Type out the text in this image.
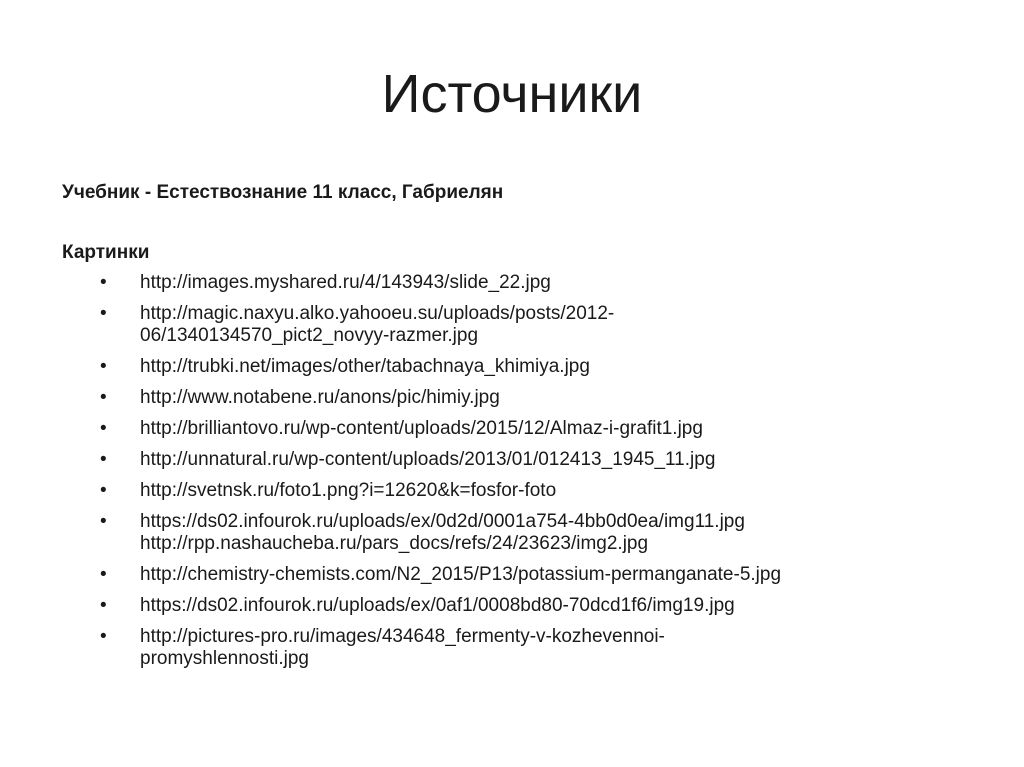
Источники

Учебник - Естествознание 11 класс, Габриелян

Картинки

• http://images.myshared.ru/4/143943/slide_22.jpg
• http://magic.naxyu.alko.yahooeu.su/uploads/posts/2012-
06/1340134570_pict2_novyy-razmer.jpg
• http://trubki.net/images/other/tabachnaya_khimiya.jpg
• http://www.notabene.ru/anons/pic/himiy.jpg
• http://brilliantovo.ru/wp-content/uploads/2015/12/Almaz-i-grafit1.jpg
• http://unnatural.ru/wp-content/uploads/2013/01/012413_1945_11.jpg
• http://svetnsk.ru/foto1.png?i=12620&k=fosfor-foto
• https://ds02.infourok.ru/uploads/ex/0d2d/0001a754-4bb0d0ea/img11.jpg
http://rpp.nashaucheba.ru/pars_docs/refs/24/23623/img2.jpg
• http://chemistry-chemists.com/N2_2015/P13/potassium-permanganate-5.jpg
• https://ds02.infourok.ru/uploads/ex/0af1/0008bd80-70dcd1f6/img19.jpg
• http://pictures-pro.ru/images/434648_fermenty-v-kozhevennoi-
promyshlennosti.jpg
